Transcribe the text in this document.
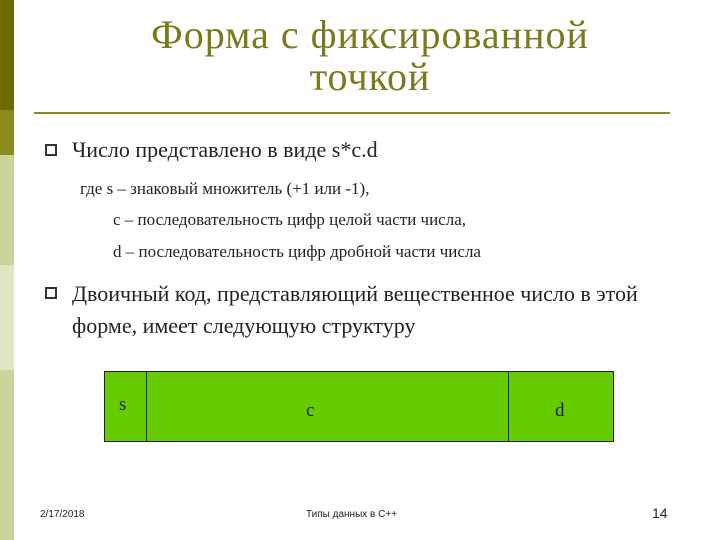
Форма с фиксированной
точкой
Число представлено в виде s*c.d
где s – знаковый множитель (+1 или -1),
c – последовательность цифр целой части числа,
d – последовательность цифр дробной части числа
Двоичный код, представляющий вещественное число в этой форме, имеет следующую структуру
s	c	d
2/17/2018	Типы данных в C++	14
